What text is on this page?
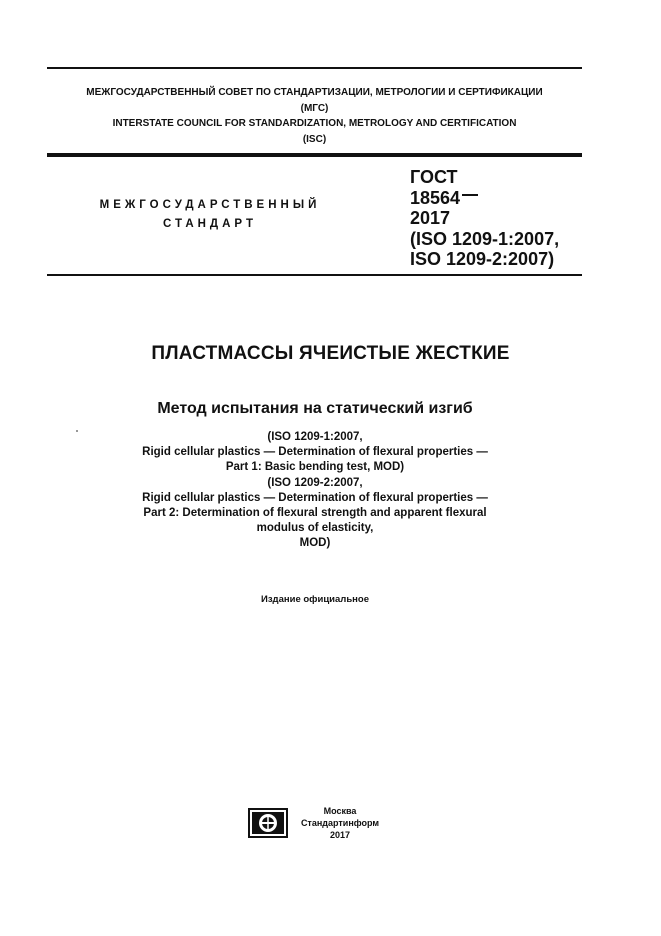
МЕЖГОСУДАРСТВЕННЫЙ СОВЕТ ПО СТАНДАРТИЗАЦИИ, МЕТРОЛОГИИ И СЕРТИФИКАЦИИ
(МГС)
INTERSTATE COUNCIL FOR STANDARDIZATION, METROLOGY AND CERTIFICATION
(ISC)
МЕЖГОСУДАРСТВЕННЫЙ
СТАНДАРТ
ГОСТ
18564
2017
(ISO 1209-1:2007,
ISO 1209-2:2007)
ПЛАСТМАССЫ ЯЧЕИСТЫЕ ЖЕСТКИЕ
Метод испытания на статический изгиб
(ISO 1209-1:2007,
Rigid cellular plastics — Determination of flexural properties —
Part 1: Basic bending test, MOD)
(ISO 1209-2:2007,
Rigid cellular plastics — Determination of flexural properties —
Part 2: Determination of flexural strength and apparent flexural
modulus of elasticity,
MOD)
Издание официальное
Москва
Стандартинформ
2017
